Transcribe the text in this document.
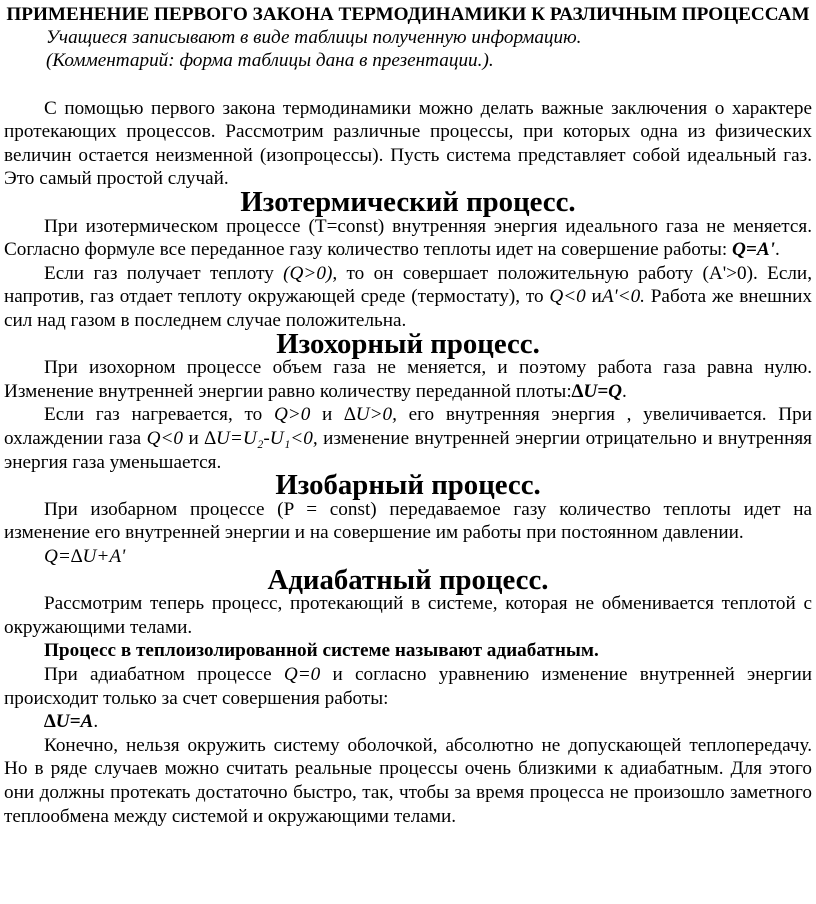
ПРИМЕНЕНИЕ ПЕРВОГО ЗАКОНА ТЕРМОДИНАМИКИ К РАЗЛИЧНЫМ ПРОЦЕССАМ

Учащиеся записывают в виде таблицы полученную информацию.

(Комментарий: форма таблицы дана в презентации.).

С помощью первого закона термодинамики можно делать важные заключения о характере протекающих процессов. Рассмотрим различные процессы, при которых одна из физических величин остается неизменной (изопроцессы). Пусть система представляет собой идеальный газ. Это самый простой случай.

Изотермический процесс.

При изотермическом процессе (T=const) внутренняя энергия идеального газа не меняется. Согласно формуле все переданное газу количество теплоты идет на совершение работы: Q=A'.

Если газ получает теплоту (Q>0), то он совершает положительную работу (A'>0). Если, напротив, газ отдает теплоту окружающей среде (термостату), то Q<0 иA'<0. Работа же внешних сил над газом в последнем случае положительна.

Изохорный процесс.

При изохорном процессе объем газа не меняется, и поэтому работа газа равна нулю. Изменение внутренней энергии равно количеству переданной плоты:∆U=Q.

Если газ нагревается, то Q>0 и ∆U>0, его внутренняя энергия , увеличивается. При охлаждении газа Q<0 и ∆U=U₂-U₁<0, изменение внутренней энергии отрицательно и внутренняя энергия газа уменьшается.

Изобарный процесс.

При изобарном процессе (P = const) передаваемое газу количество теплоты идет на изменение его внутренней энергии и на совершение им работы при постоянном давлении.

Q=∆U+A'

Адиабатный процесс.

Рассмотрим теперь процесс, протекающий в системе, которая не обменивается теплотой с окружающими телами.

Процесс в теплоизолированной системе называют адиабатным.

При адиабатном процессе Q=0 и согласно уравнению изменение внутренней энергии происходит только за счет совершения работы:

∆U=A.

Конечно, нельзя окружить систему оболочкой, абсолютно не допускающей теплопередачу. Но в ряде случаев можно считать реальные процессы очень близкими к адиабатным. Для этого они должны протекать достаточно быстро, так, чтобы за время процесса не произошло заметного теплообмена между системой и окружающими телами.
